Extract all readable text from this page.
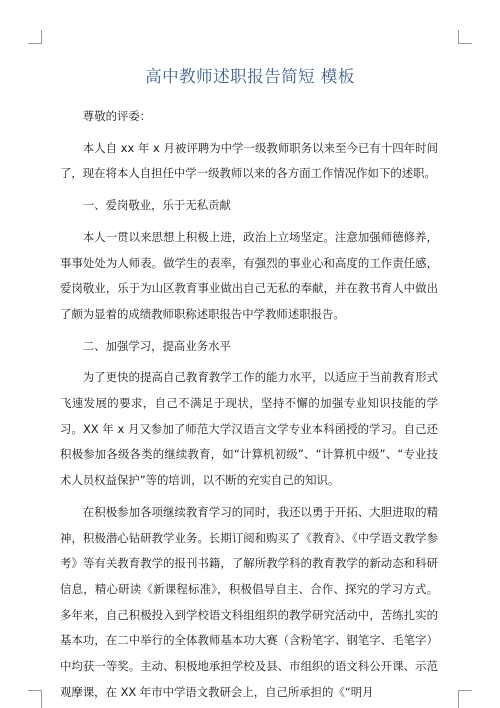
高中教师述职报告简短 模板

尊敬的评委：

本人自 xx 年 x 月被评聘为中学一级教师职务以来至今已有十四年时间了，现在将本人自担任中学一级教师以来的各方面工作情况作如下的述职。

一、爱岗敬业，乐于无私贡献

本人一贯以来思想上积极上进，政治上立场坚定。注意加强师德修养，事事处处为人师表。做学生的表率，有强烈的事业心和高度的工作责任感，爱岗敬业，乐于为山区教育事业做出自己无私的奉献，并在教书育人中做出了颇为显着的成绩教师职称述职报告中学教师述职报告。

二、加强学习，提高业务水平

为了更快的提高自己教育教学工作的能力水平，以适应于当前教育形式飞速发展的要求，自己不满足于现状，坚持不懈的加强专业知识技能的学习。XX 年 x 月又参加了师范大学汉语言文学专业本科函授的学习。自己还积极参加各级各类的继续教育，如“计算机初级”、“计算机中级”、“专业技术人员权益保护”等的培训，以不断的充实自己的知识。

在积极参加各项继续教育学习的同时，我还以勇于开拓、大胆进取的精神，积极潜心钻研教学业务。长期订阅和购买了《教育》、《中学语文教学参考》等有关教育教学的报刊书籍，了解所教学科的教育教学的新动态和科研信息，精心研读《新课程标准》，积极倡导自主、合作、探究的学习方式。多年来，自己积极投入到学校语文科组组织的教学研究活动中，苦练扎实的基本功，在二中举行的全体教师基本功大赛（含粉笔字、钢笔字、毛笔字）中均获一等奖。主动、积极地承担学校及县、市组织的语文科公开课、示范观摩课，在 XX 年市中学语文教研会上，自己所承担的《“明月
